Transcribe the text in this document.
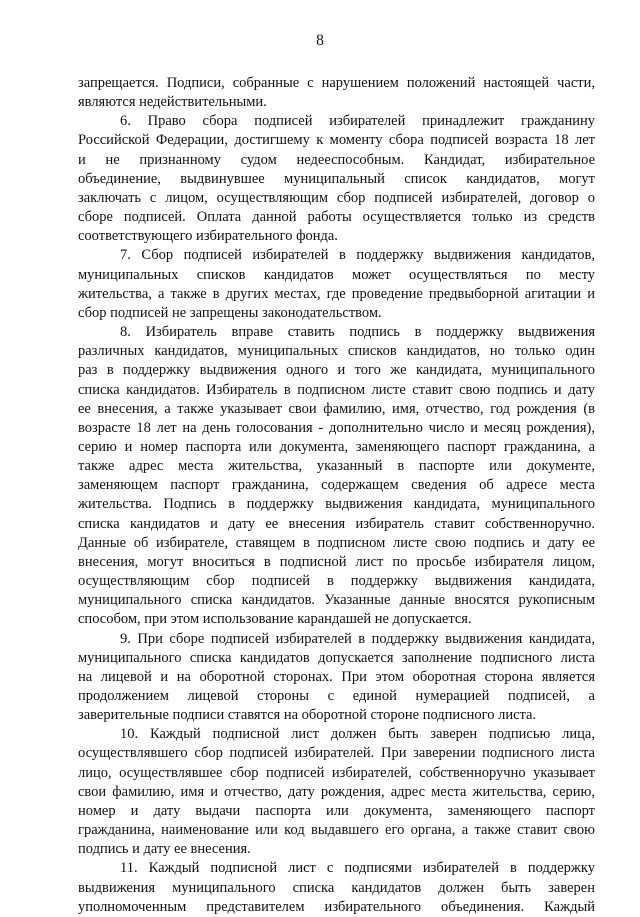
8
запрещается. Подписи, собранные с нарушением положений настоящей части,
являются недействительными.
6. Право сбора подписей избирателей принадлежит гражданину
Российской Федерации, достигшему к моменту сбора подписей возраста 18 лет
и не признанному судом недееспособным. Кандидат, избирательное
объединение, выдвинувшее муниципальный список кандидатов, могут
заключать с лицом, осуществляющим сбор подписей избирателей, договор о
сборе подписей. Оплата данной работы осуществляется только из средств
соответствующего избирательного фонда.
7. Сбор подписей избирателей в поддержку выдвижения кандидатов,
муниципальных списков кандидатов может осуществляться по месту
жительства, а также в других местах, где проведение предвыборной агитации и
сбор подписей не запрещены законодательством.
8. Избиратель вправе ставить подпись в поддержку выдвижения
различных кандидатов, муниципальных списков кандидатов, но только один
раз в поддержку выдвижения одного и того же кандидата, муниципального
списка кандидатов. Избиратель в подписном листе ставит свою подпись и дату
ее внесения, а также указывает свои фамилию, имя, отчество, год рождения (в
возрасте 18 лет на день голосования - дополнительно число и месяц рождения),
серию и номер паспорта или документа, заменяющего паспорт гражданина, а
также адрес места жительства, указанный в паспорте или документе,
заменяющем паспорт гражданина, содержащем сведения об адресе места
жительства. Подпись в поддержку выдвижения кандидата, муниципального
списка кандидатов и дату ее внесения избиратель ставит собственноручно.
Данные об избирателе, ставящем в подписном листе свою подпись и дату ее
внесения, могут вноситься в подписной лист по просьбе избирателя лицом,
осуществляющим сбор подписей в поддержку выдвижения кандидата,
муниципального списка кандидатов. Указанные данные вносятся рукописным
способом, при этом использование карандашей не допускается.
9. При сборе подписей избирателей в поддержку выдвижения кандидата,
муниципального списка кандидатов допускается заполнение подписного листа
на лицевой и на оборотной сторонах. При этом оборотная сторона является
продолжением лицевой стороны с единой нумерацией подписей, а
заверительные подписи ставятся на оборотной стороне подписного листа.
10. Каждый подписной лист должен быть заверен подписью лица,
осуществлявшего сбор подписей избирателей. При заверении подписного листа
лицо, осуществлявшее сбор подписей избирателей, собственноручно указывает
свои фамилию, имя и отчество, дату рождения, адрес места жительства, серию,
номер и дату выдачи паспорта или документа, заменяющего паспорт
гражданина, наименование или код выдавшего его органа, а также ставит свою
подпись и дату ее внесения.
11. Каждый подписной лист с подписями избирателей в поддержку
выдвижения муниципального списка кандидатов должен быть заверен
уполномоченным представителем избирательного объединения. Каждый
